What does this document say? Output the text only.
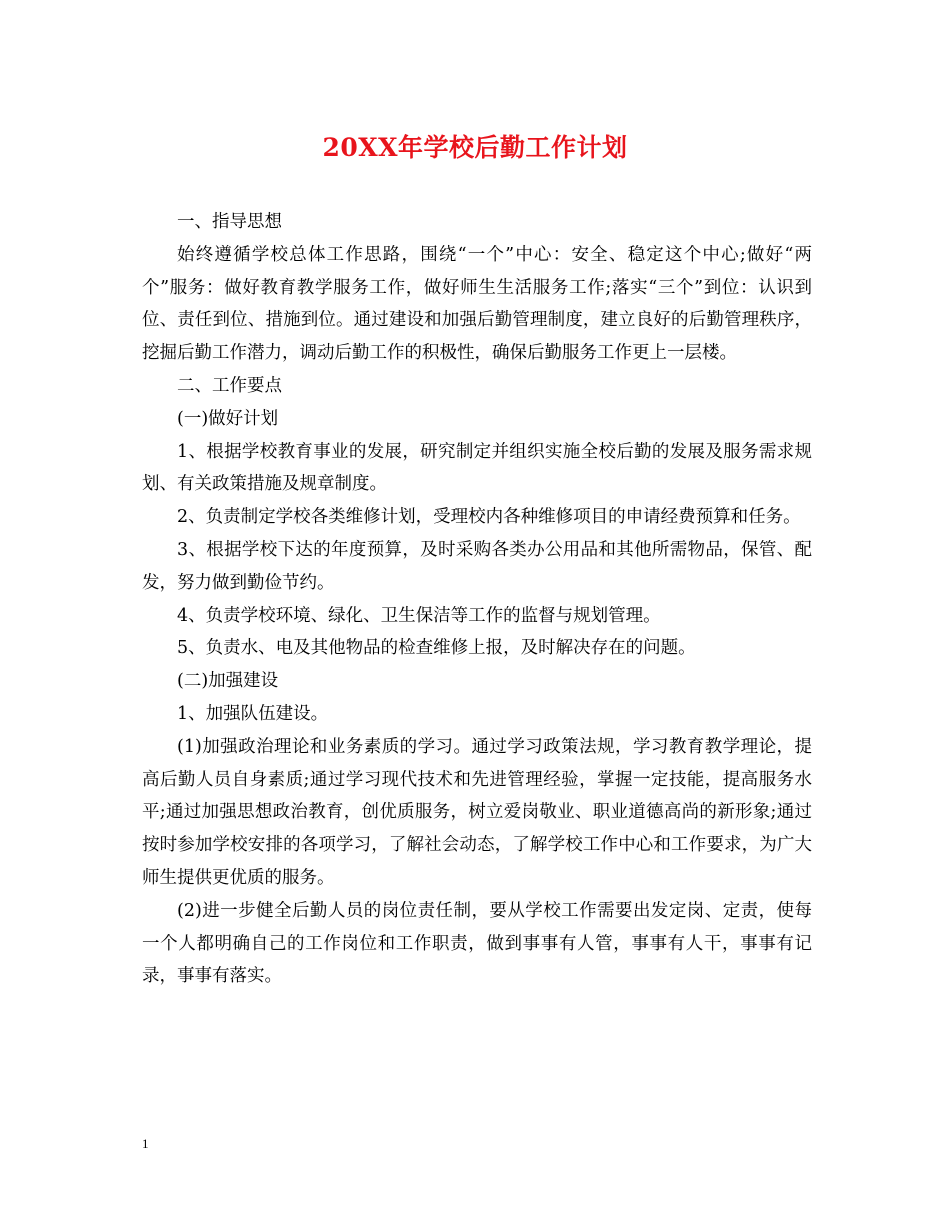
20XX年学校后勤工作计划

一、指导思想

始终遵循学校总体工作思路，围绕“一个”中心：安全、稳定这个中心;做好“两个”服务：做好教育教学服务工作，做好师生生活服务工作;落实“三个”到位：认识到位、责任到位、措施到位。通过建设和加强后勤管理制度，建立良好的后勤管理秩序，挖掘后勤工作潜力，调动后勤工作的积极性，确保后勤服务工作更上一层楼。

二、工作要点

(一)做好计划

1、根据学校教育事业的发展，研究制定并组织实施全校后勤的发展及服务需求规划、有关政策措施及规章制度。

2、负责制定学校各类维修计划，受理校内各种维修项目的申请经费预算和任务。

3、根据学校下达的年度预算，及时采购各类办公用品和其他所需物品，保管、配发，努力做到勤俭节约。

4、负责学校环境、绿化、卫生保洁等工作的监督与规划管理。

5、负责水、电及其他物品的检查维修上报，及时解决存在的问题。

(二)加强建设

1、加强队伍建设。

(1)加强政治理论和业务素质的学习。通过学习政策法规，学习教育教学理论，提高后勤人员自身素质;通过学习现代技术和先进管理经验，掌握一定技能，提高服务水平;通过加强思想政治教育，创优质服务，树立爱岗敬业、职业道德高尚的新形象;通过按时参加学校安排的各项学习，了解社会动态，了解学校工作中心和工作要求，为广大师生提供更优质的服务。

(2)进一步健全后勤人员的岗位责任制，要从学校工作需要出发定岗、定责，使每一个人都明确自己的工作岗位和工作职责，做到事事有人管，事事有人干，事事有记录，事事有落实。

1
